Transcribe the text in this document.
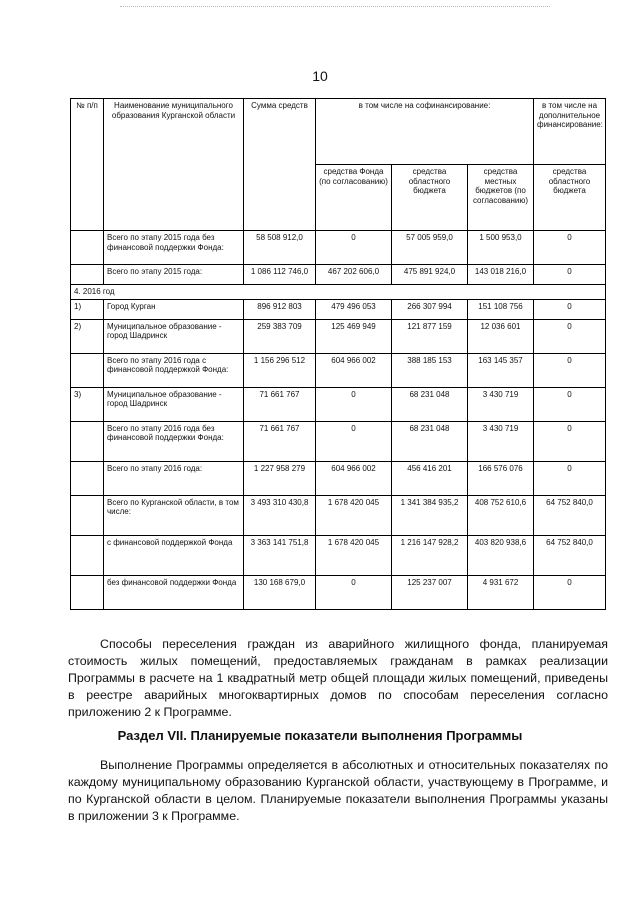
10
№ п/п	Наименование муниципального образования Курганской области	Сумма средств	в том числе на софинансирование:			в том числе на дополнительное финансирование:
			средства Фонда (по согласованию)	средства областного бюджета	средства местных бюджетов (по согласованию)	средства областного бюджета
	Всего по этапу 2015 года без финансовой поддержки Фонда:	58 508 912,0	0	57 005 959,0	1 500 953,0	0
	Всего по этапу 2015 года:	1 086 112 746,0	467 202 606,0	475 891 924,0	143 018 216,0	0
4. 2016 год						
1)	Город Курган	896 912 803	479 496 053	266 307 994	151 108 756	0
2)	Муниципальное образование - город Шадринск	259 383 709	125 469 949	121 877 159	12 036 601	0
	Всего по этапу 2016 года с финансовой поддержкой Фонда:	1 156 296 512	604 966 002	388 185 153	163 145 357	0
3)	Муниципальное образование - город Шадринск	71 661 767	0	68 231 048	3 430 719	0
	Всего по этапу 2016 года без финансовой поддержки Фонда:	71 661 767	0	68 231 048	3 430 719	0
	Всего по этапу 2016 года:	1 227 958 279	604 966 002	456 416 201	166 576 076	0
	Всего по Курганской области, в том числе:	3 493 310 430,8	1 678 420 045	1 341 384 935,2	408 752 610,6	64 752 840,0
	с финансовой поддержкой Фонда	3 363 141 751,8	1 678 420 045	1 216 147 928,2	403 820 938,6	64 752 840,0
	без финансовой поддержки Фонда	130 168 679,0	0	125 237 007	4 931 672	0
Способы переселения граждан из аварийного жилищного фонда, планируемая стоимость жилых помещений, предоставляемых гражданам в рамках реализации Программы в расчете на 1 квадратный метр общей площади жилых помещений, приведены в реестре аварийных многоквартирных домов по способам переселения согласно приложению 2 к Программе.
Раздел VII. Планируемые показатели выполнения Программы
Выполнение Программы определяется в абсолютных и относительных показателях по каждому муниципальному образованию Курганской области, участвующему в Программе, и по Курганской области в целом. Планируемые показатели выполнения Программы указаны в приложении 3 к Программе.
